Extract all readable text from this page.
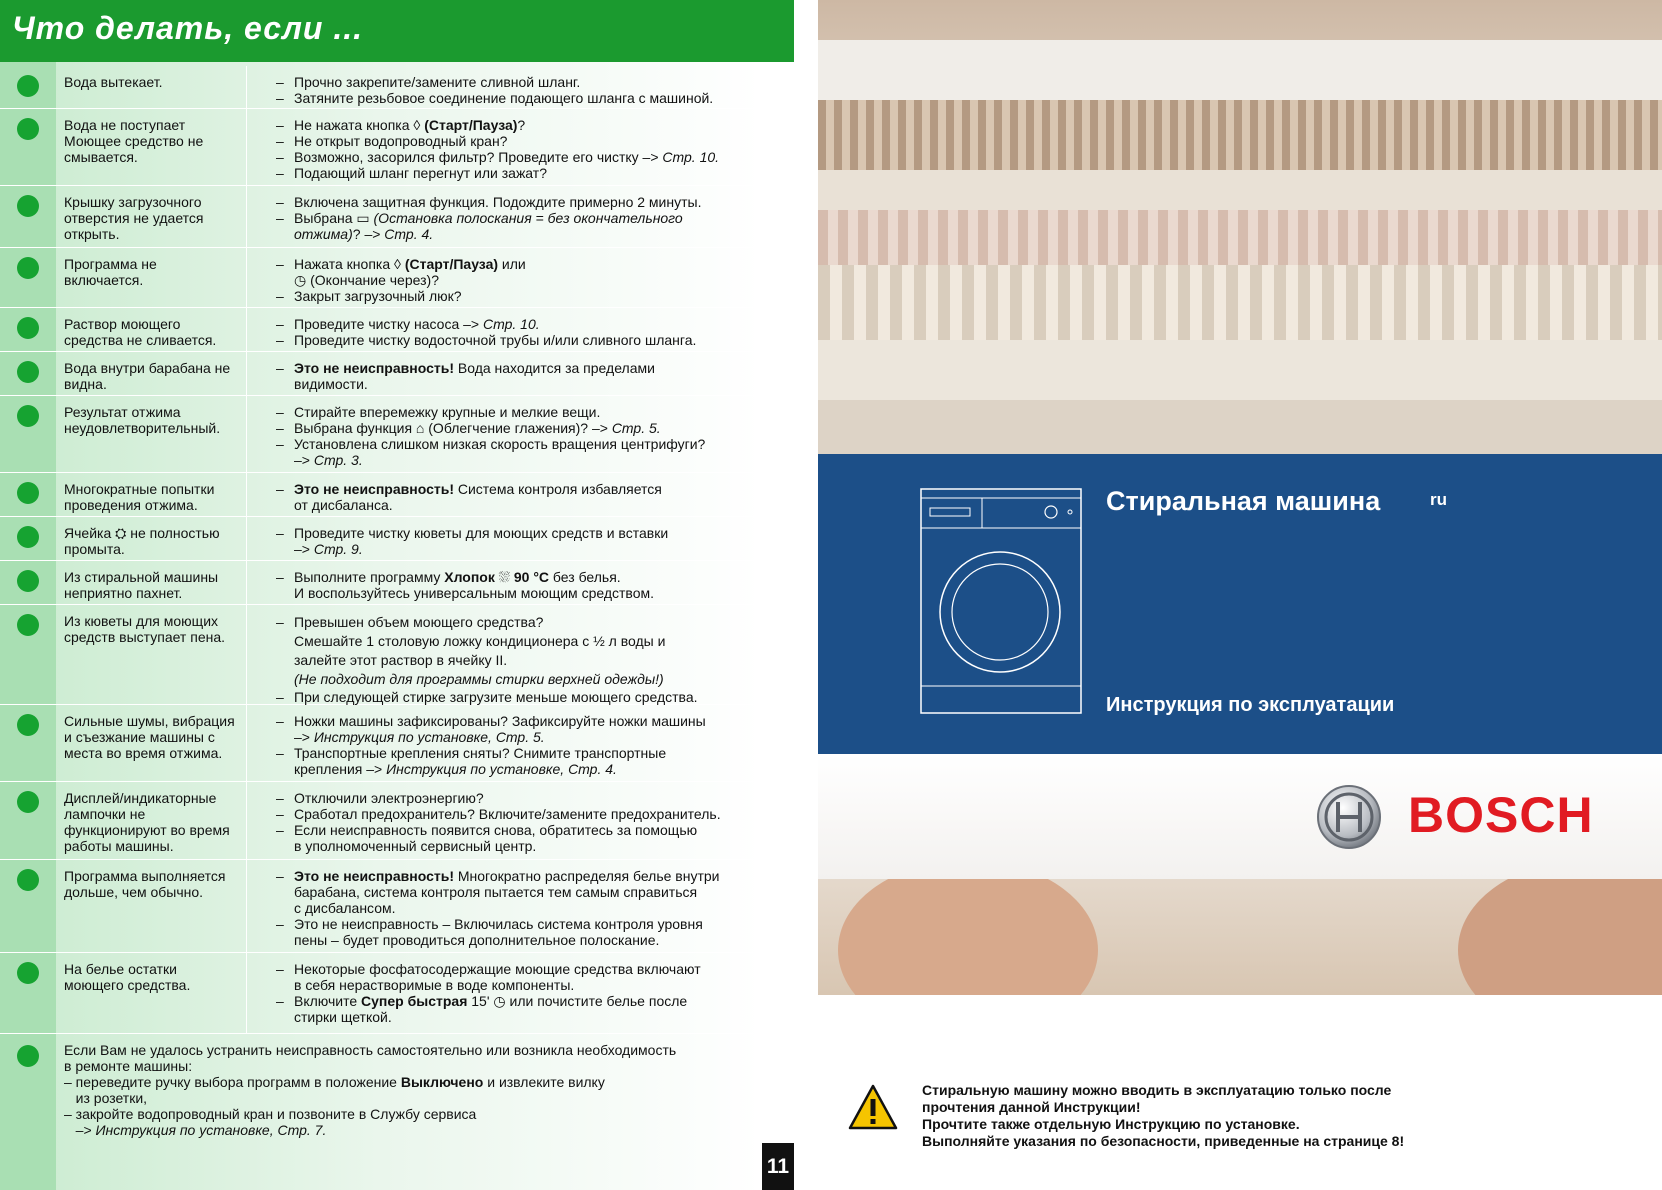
Что делать, если ...
Вода вытекает.
–	Прочно закрепите/замените сливной шланг.
– Затяните резьбовое соединение подающего шланга с машиной.
Вода не поступает
Моющее средство не
смывается.
– Не нажата кнопка ◊ (Старт/Пауза)?
– Не открыт водопроводный кран?
– Возможно, засорился фильтр? Проведите его чистку –> Стр. 10.
– Подающий шланг перегнут или зажат?
Крышку загрузочного
отверстия не удается
открыть.
– Включена защитная функция. Подождите примерно 2 минуты.
– Выбрана ▭ (Остановка полоскания = без окончательного
отжима)? –> Стр. 4.
Программа не
включается.
– Нажата кнопка ◊ (Старт/Пауза) или
◷ (Окончание через)?
– Закрыт загрузочный люк?
Раствор моющего
средства не сливается.
– Проведите чистку насоса –> Стр. 10.
– Проведите чистку водосточной трубы и/или сливного шланга.
Вода внутри барабана не
видна.
– Это не неисправность! Вода находится за пределами
видимости.
Результат отжима
неудовлетворительный.
– Стирайте вперемежку крупные и мелкие вещи.
– Выбрана функция ⌂ (Облегчение глажения)? –> Стр. 5.
– Установлена слишком низкая скорость вращения центрифуги?
–> Стр. 3.
Многократные попытки
проведения отжима.
– Это не неисправность! Система контроля избавляется
от дисбаланса.
Ячейка ⛭ не полностью
промыта.
– Проведите чистку кюветы для моющих средств и вставки
–> Стр. 9.
Из стиральной машины
неприятно пахнет.
– Выполните программу Хлопок ⛆ 90 °C без белья.
И воспользуйтесь универсальным моющим средством.
Из кюветы для моющих
средств выступает пена.
– Превышен объем моющего средства?
Смешайте 1 столовую ложку кондиционера с ½ л воды и
залейте этот раствор в ячейку II.
(Не подходит для программы стирки верхней одежды!)
– При следующей стирке загрузите меньше моющего средства.
Сильные шумы, вибрация
и съезжание машины с
места во время отжима.
– Ножки машины зафиксированы? Зафиксируйте ножки машины
–> Инструкция по установке, Стр. 5.
– Транспортные крепления сняты? Снимите транспортные
крепления –> Инструкция по установке, Стр. 4.
Дисплей/индикаторные
лампочки не
функционируют во время
работы машины.
– Отключили электроэнергию?
– Сработал предохранитель? Включите/замените предохранитель.
– Если неисправность появится снова, обратитесь за помощью
в уполномоченный сервисный центр.
Программа выполняется
дольше, чем обычно.
– Это не неисправность! Многократно распределяя белье внутри
барабана, система контроля пытается тем самым справиться
с дисбалансом.
– Это не неисправность – Включилась система контроля уровня
пены – будет проводиться дополнительное полоскание.
На белье остатки
моющего средства.
– Некоторые фосфатосодержащие моющие средства включают
в себя нерастворимые в воде компоненты.
– Включите Супер быстрая 15' ◷ или почистите белье после
стирки щеткой.
Если Вам не удалось устранить неисправность самостоятельно или возникла необходимость
в ремонте машины:
– переведите ручку выбора программ в положение Выключено и извлеките вилку
из розетки,
– закройте водопроводный кран и позвоните в Службу сервиса
–> Инструкция по установке, Стр. 7.
11
Стиральная машина	ru
Инструкция по эксплуатации
BOSCH
Стиральную машину можно вводить в эксплуатацию только после
прочтения данной Инструкции!
Прочтите также отдельную Инструкцию по установке.
Выполняйте указания по безопасности, приведенные на странице 8!
